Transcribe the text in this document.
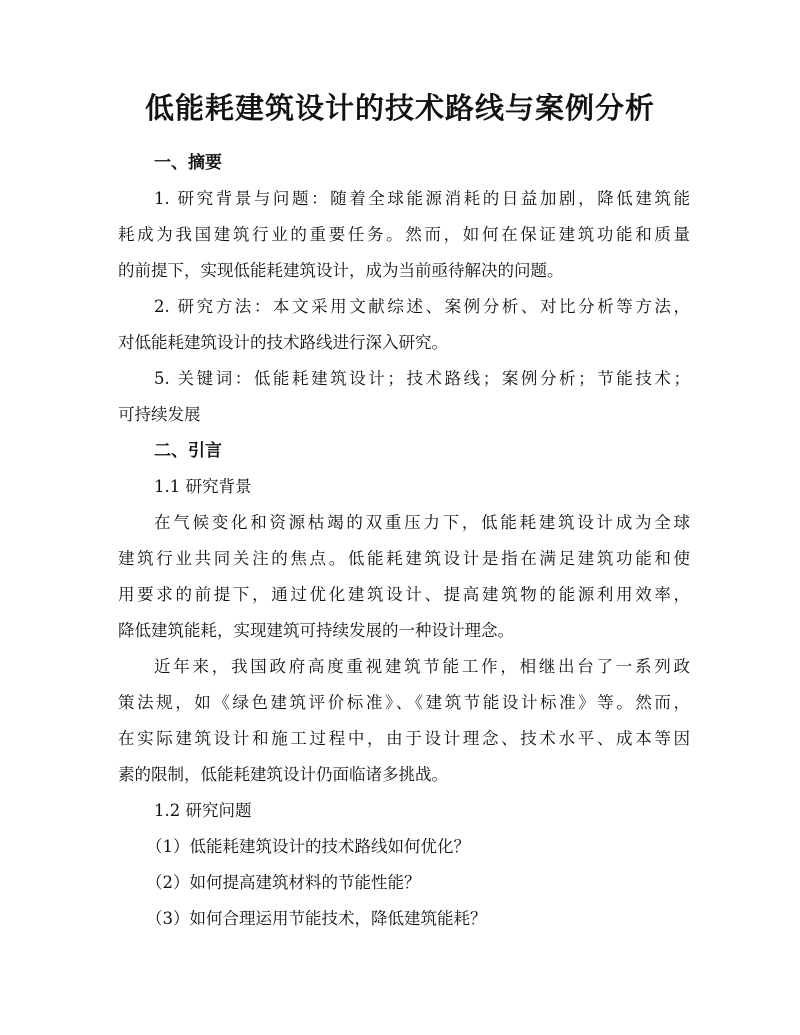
低能耗建筑设计的技术路线与案例分析
一、摘要
1. 研究背景与问题：随着全球能源消耗的日益加剧，降低建筑能
耗成为我国建筑行业的重要任务。然而，如何在保证建筑功能和质量
的前提下，实现低能耗建筑设计，成为当前亟待解决的问题。
2. 研究方法：本文采用文献综述、案例分析、对比分析等方法，
对低能耗建筑设计的技术路线进行深入研究。
5. 关键词：低能耗建筑设计；技术路线；案例分析；节能技术；
可持续发展
二、引言
1.1 研究背景
在气候变化和资源枯竭的双重压力下，低能耗建筑设计成为全球
建筑行业共同关注的焦点。低能耗建筑设计是指在满足建筑功能和使
用要求的前提下，通过优化建筑设计、提高建筑物的能源利用效率，
降低建筑能耗，实现建筑可持续发展的一种设计理念。
近年来，我国政府高度重视建筑节能工作，相继出台了一系列政
策法规，如《绿色建筑评价标准》、《建筑节能设计标准》等。然而，
在实际建筑设计和施工过程中，由于设计理念、技术水平、成本等因
素的限制，低能耗建筑设计仍面临诸多挑战。
1.2 研究问题
（1）低能耗建筑设计的技术路线如何优化？
（2）如何提高建筑材料的节能性能？
（3）如何合理运用节能技术，降低建筑能耗？
